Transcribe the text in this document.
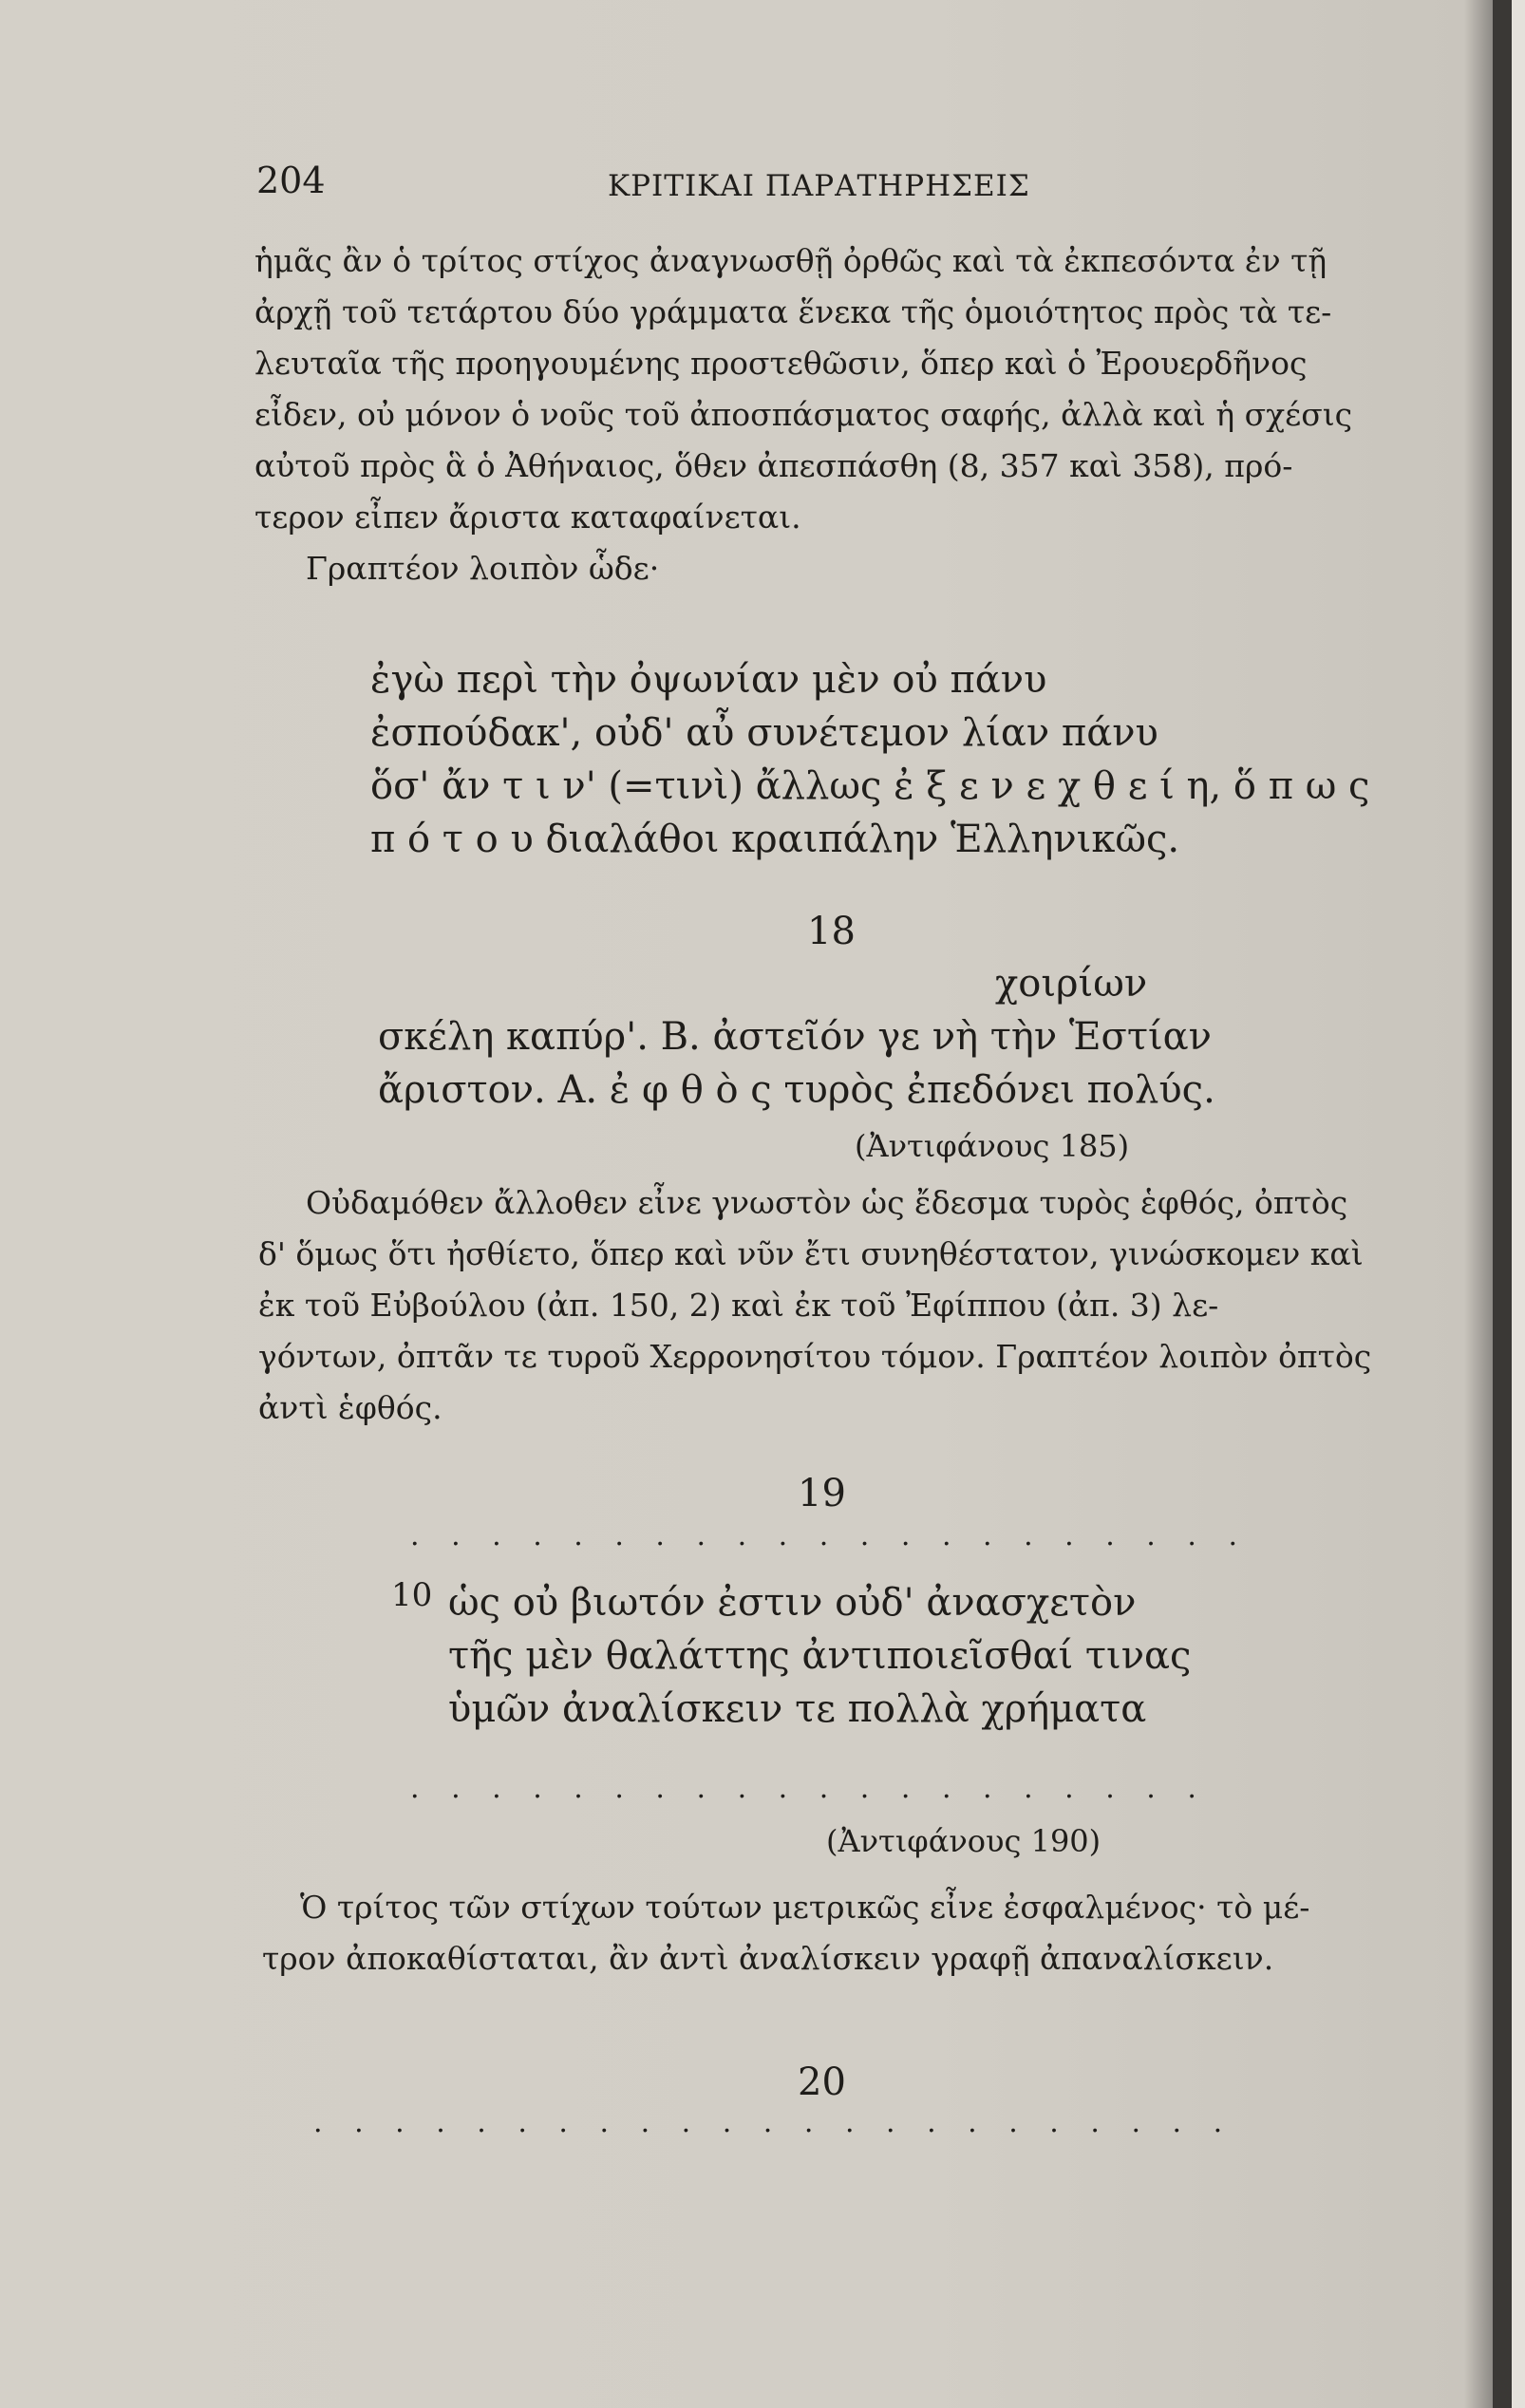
204	ΚΡΙΤΙΚΑΙ ΠΑΡΑΤΗΡΗΣΕΙΣ
ἡμᾶς ἂν ὁ τρίτος στίχος ἀναγνωσθῇ ὀρθῶς καὶ τὰ ἐκπεσόντα ἐν τῇ
ἀρχῇ τοῦ τετάρτου δύο γράμματα ἕνεκα τῆς ὁμοιότητος πρὸς τὰ τε-
λευταῖα τῆς προηγουμένης προστεθῶσιν, ὅπερ καὶ ὁ Ἐρουερδῆνος
εἶδεν, οὐ μόνον ὁ νοῦς τοῦ ἀποσπάσματος σαφής, ἀλλὰ καὶ ἡ σχέσις
αὐτοῦ πρὸς ἃ ὁ Ἀθήναιος, ὅθεν ἀπεσπάσθη (8, 357 καὶ 358), πρό-
τερον εἶπεν ἄριστα καταφαίνεται.
Γραπτέον λοιπὸν ὧδε·
ἐγὼ περὶ τὴν ὀψωνίαν μὲν οὐ πάνυ
ἐσπούδακ', οὐδ' αὖ συνέτεμον λίαν πάνυ
ὅσ' ἄν τ ι ν' (=τινὶ) ἄλλως ἐ ξ ε ν ε χ θ ε ί η, ὅ π ω ς
π ό τ ο υ διαλάθοι κραιπάλην Ἑλληνικῶς.
18
χοιρίων
σκέλη καπύρ'. Β. ἀστεῖόν γε νὴ τὴν Ἑστίαν
ἄριστον. Α. ἐ φ θ ὸ ς τυρὸς ἐπεδόνει πολύς.
(Ἀντιφάνους 185)
Οὐδαμόθεν ἄλλοθεν εἶνε γνωστὸν ὡς ἔδεσμα τυρὸς ἑφθός, ὀπτὸς
δ' ὅμως ὅτι ἠσθίετο, ὅπερ καὶ νῦν ἔτι συνηθέστατον, γινώσκομεν καὶ
ἐκ τοῦ Εὐβούλου (ἀπ. 150, 2) καὶ ἐκ τοῦ Ἐφίππου (ἀπ. 3) λε-
γόντων, ὀπτᾶν τε τυροῦ Χερρονησίτου τόμον. Γραπτέον λοιπὸν ὀπτὸς
ἀντὶ ἑφθός.
19
. . . . . . . . . . . . . . . . . . . . .
10 ὡς οὐ βιωτόν ἐστιν οὐδ' ἀνασχετὸν
τῆς μὲν θαλάττης ἀντιποιεῖσθαί τινας
ὑμῶν ἀναλίσκειν τε πολλὰ χρήματα
. . . . . . . . . . . . . . . . . . . .
(Ἀντιφάνους 190)
Ὁ τρίτος τῶν στίχων τούτων μετρικῶς εἶνε ἐσφαλμένος· τὸ μέ-
τρον ἀποκαθίσταται, ἂν ἀντὶ ἀναλίσκειν γραφῇ ἀπαναλίσκειν.
20
. . . . . . . . . . . . . . . . . . . . . . .
